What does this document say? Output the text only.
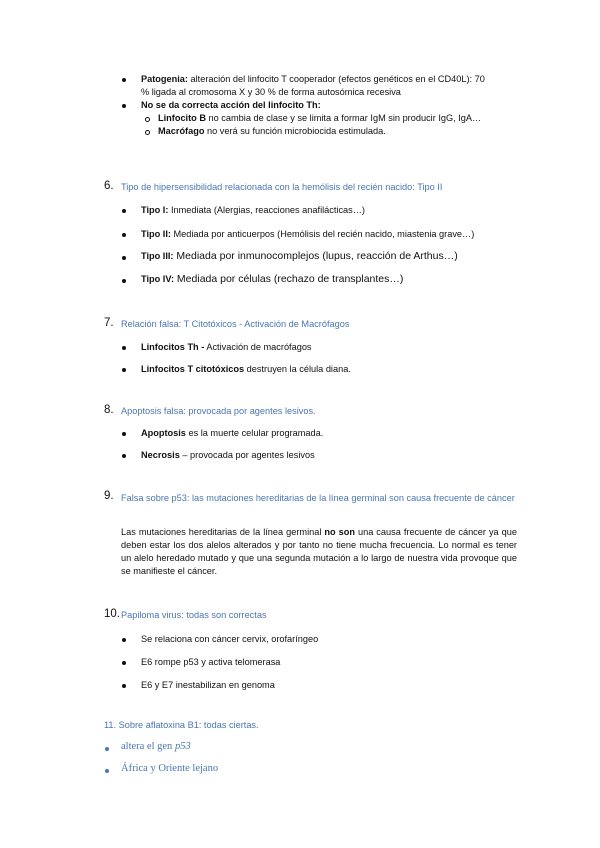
Patogenia: alteración del linfocito T cooperador (efectos genéticos en el CD40L): 70
% ligada al cromosoma X y 30 % de forma autosómica recesiva
No se da correcta acción del linfocito Th:
Linfocito B no cambia de clase y se limita a formar IgM sin producir IgG, IgA…
Macrófago no verá su función microbiocida estimulada.
6. Tipo de hipersensibilidad relacionada con la hemólisis del recién nacido: Tipo II
Tipo I: Inmediata (Alergias, reacciones anafilácticas…)
Tipo II: Mediada por anticuerpos (Hemólisis del recién nacido, miastenia grave…)
Tipo III: Mediada por inmunocomplejos (lupus, reacción de Arthus…)
Tipo IV: Mediada por células (rechazo de transplantes…)
7. Relación falsa: T Citotóxicos - Activación de Macrófagos
Linfocitos Th - Activación de macrófagos
Linfocitos T citotóxicos destruyen la célula diana.
8. Apoptosis falsa: provocada por agentes lesivos.
Apoptosis es la muerte celular programada.
Necrosis – provocada por agentes lesivos
9. Falsa sobre p53: las mutaciones hereditarias de la línea germinal son causa frecuente de cáncer
Las mutaciones hereditarias de la línea germinal no son una causa frecuente de cáncer ya que deben estar los dos alelos alterados y por tanto no tiene mucha frecuencia. Lo normal es tener un alelo heredado mutado y que una segunda mutación a lo largo de nuestra vida provoque que se manifieste el cáncer.
10. Papiloma virus: todas son correctas
Se relaciona con cáncer cervix, orofaríngeo
E6 rompe p53 y activa telomerasa
E6 y E7 inestabilizan en genoma
11. Sobre aflatoxina B1: todas ciertas.
altera el gen p53
África y Oriente lejano
